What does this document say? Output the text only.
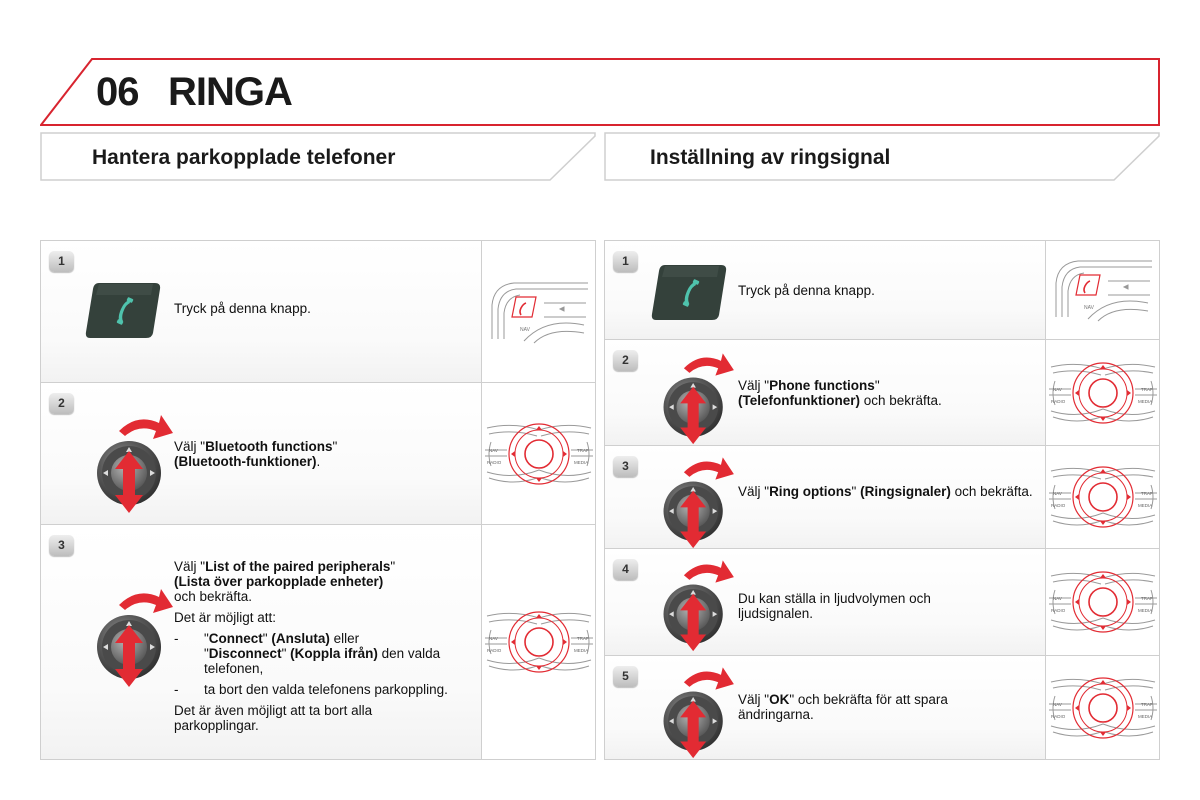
06 RINGA
Hantera parkopplade telefoner	Inställning av ringsignal
1
Tryck på denna knapp.
NAV
2
Välj "Bluetooth functions"
(Bluetooth-funktioner).
NAV	TRAF
RADIO	MEDIA
3

Välj "List of the paired peripherals"
(Lista över parkopplade enheter)
och bekräfta.

Det är möjligt att:

- "Connect" (Ansluta) eller
"Disconnect" (Koppla ifrån) den valda telefonen,
- ta bort den valda telefonens parkoppling.

Det är även möjligt att ta bort alla parkopplingar.

NAV	TRAF
RADIO	MEDIA
1
Tryck på denna knapp.
NAV
2
Välj "Phone functions"
(Telefonfunktioner) och bekräfta.
NAV	TRAF
RADIO	MEDIA
3
Välj "Ring options" (Ringsignaler) och bekräfta.	NAV	TRAF
RADIO	MEDIA
4
Du kan ställa in ljudvolymen och ljudsignalen.
NAV	TRAF
RADIO	MEDIA
5
Välj "OK" och bekräfta för att spara ändringarna.
NAV	TRAF
RADIO	MEDIA
